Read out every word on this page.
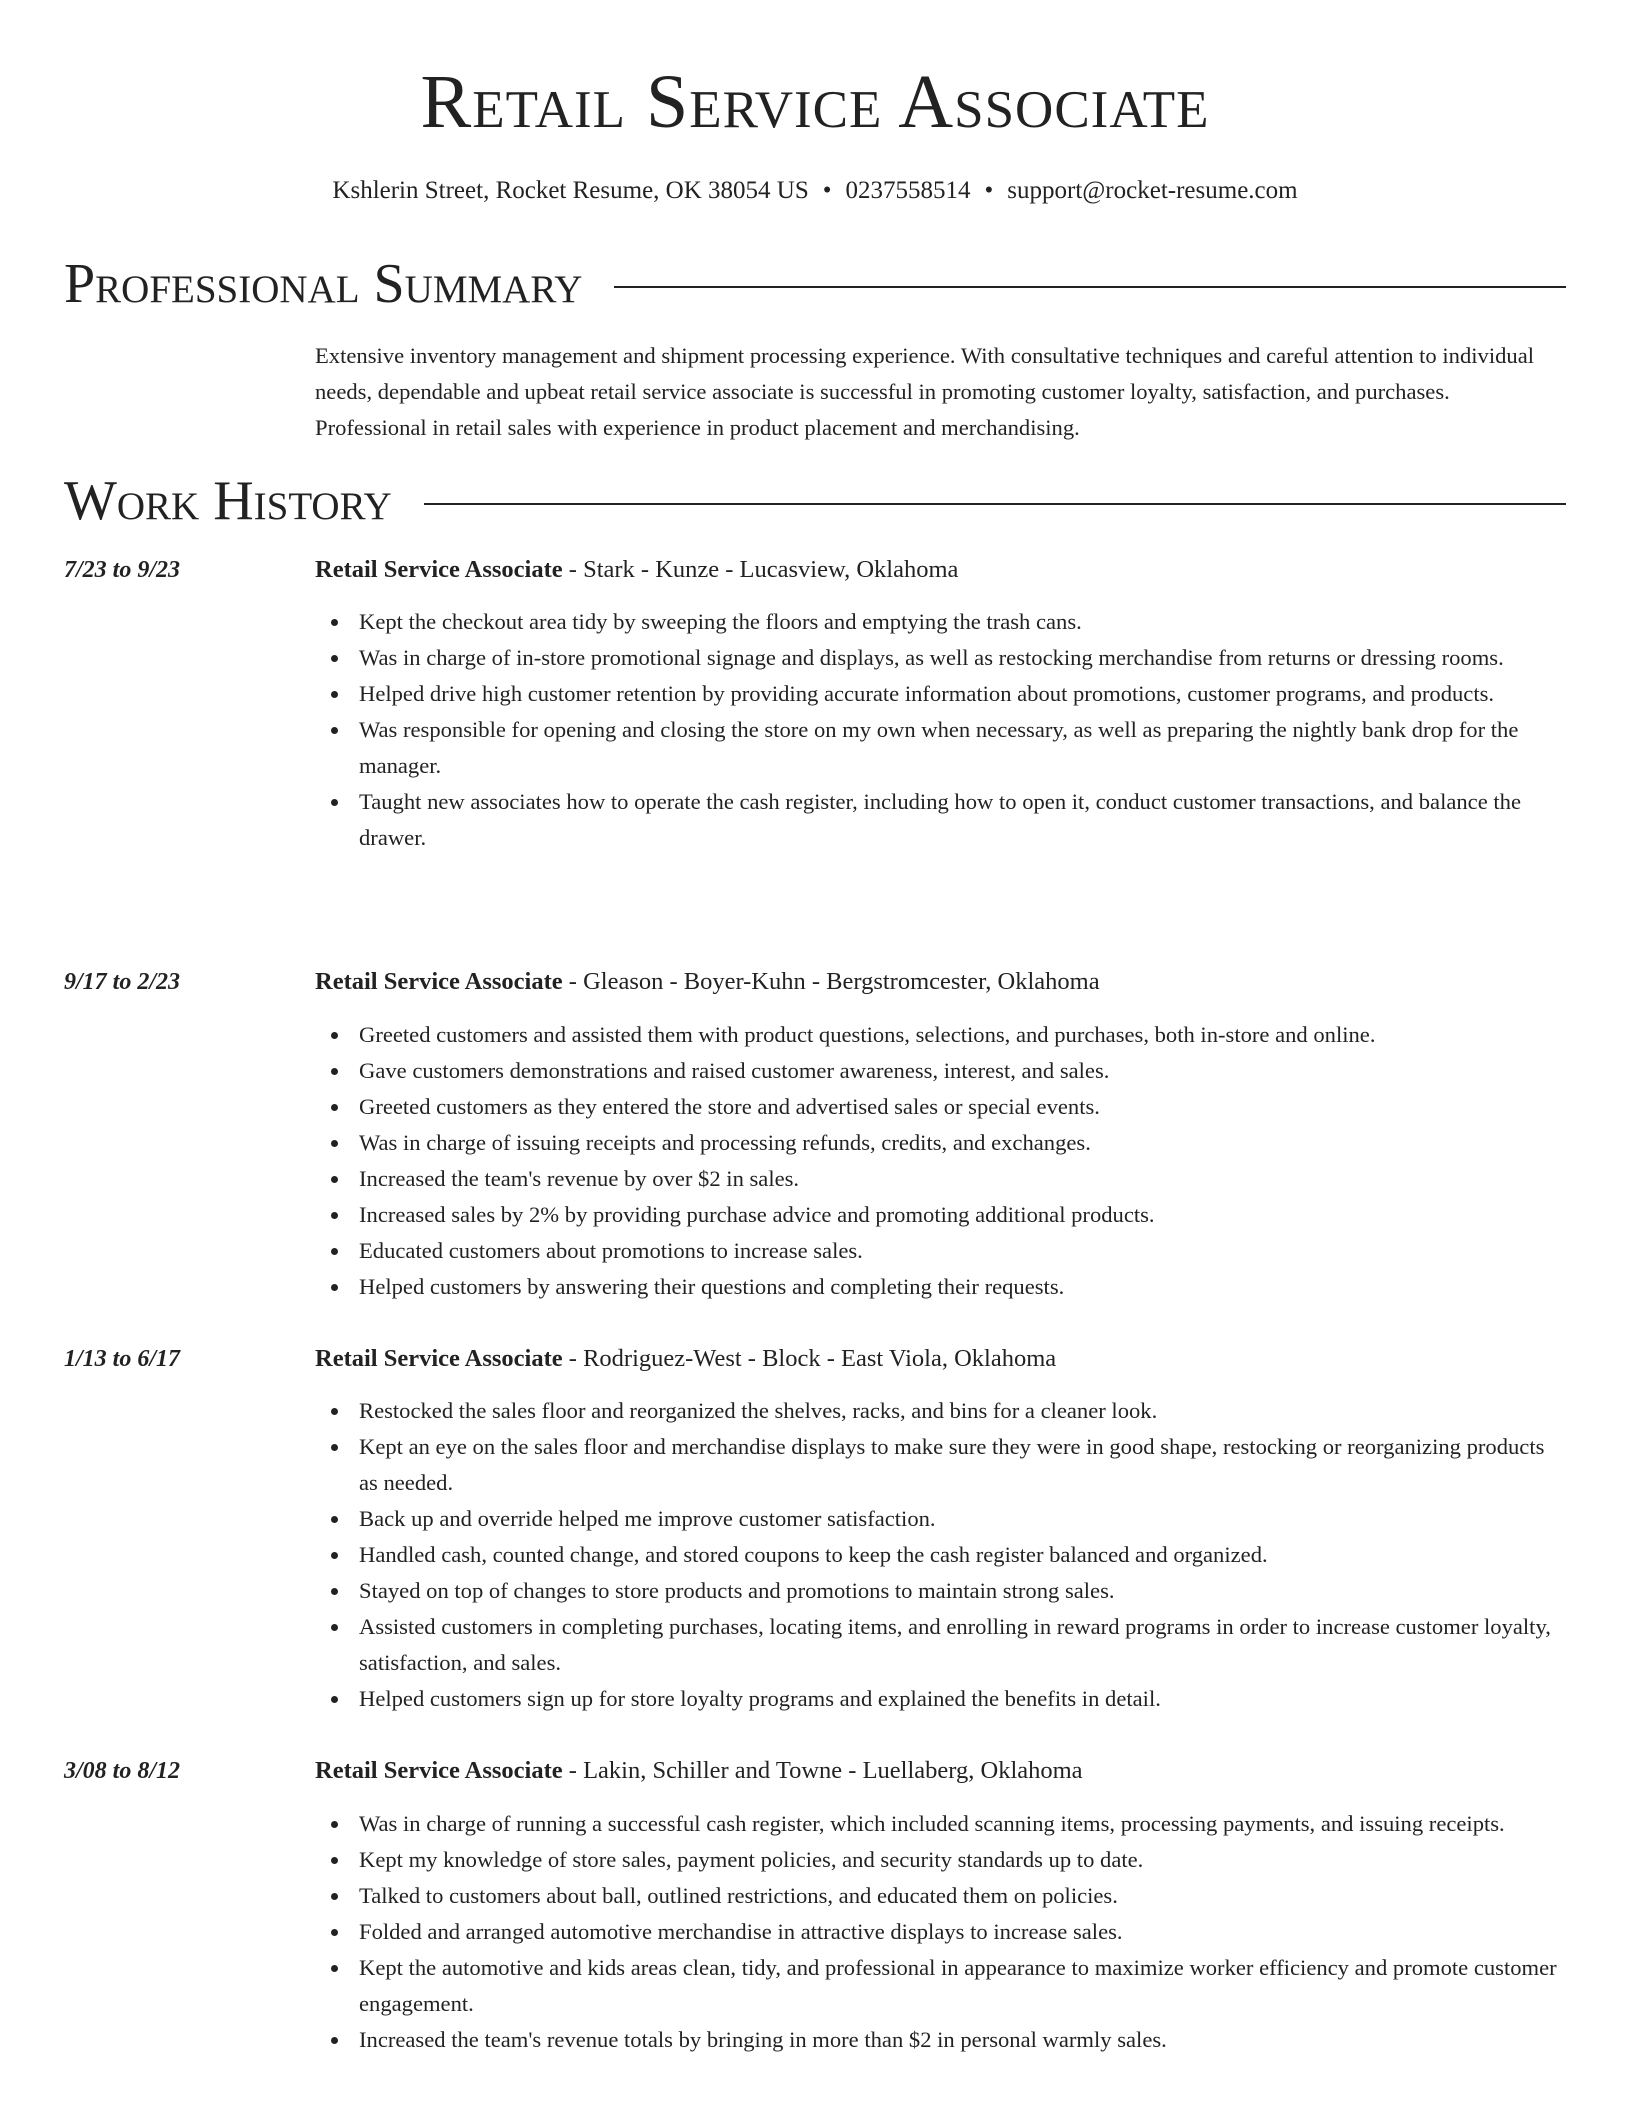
Retail Service Associate
Kshlerin Street, Rocket Resume, OK 38054 US • 0237558514 • support@rocket-resume.com
Professional Summary

Extensive inventory management and shipment processing experience. With consultative techniques and careful attention to individual needs, dependable and upbeat retail service associate is successful in promoting customer loyalty, satisfaction, and purchases. Professional in retail sales with experience in product placement and merchandising.

Work History
7/23 to 9/23	Retail Service Associate - Stark - Kunze - Lucasview, Oklahoma
Kept the checkout area tidy by sweeping the floors and emptying the trash cans.
Was in charge of in-store promotional signage and displays, as well as restocking merchandise from returns or dressing rooms.
Helped drive high customer retention by providing accurate information about promotions, customer programs, and products.
Was responsible for opening and closing the store on my own when necessary, as well as preparing the nightly bank drop for the manager.
Taught new associates how to operate the cash register, including how to open it, conduct customer transactions, and balance the drawer.
9/17 to 2/23	Retail Service Associate - Gleason - Boyer-Kuhn - Bergstromcester, Oklahoma
Greeted customers and assisted them with product questions, selections, and purchases, both in-store and online.
Gave customers demonstrations and raised customer awareness, interest, and sales.
Greeted customers as they entered the store and advertised sales or special events.
Was in charge of issuing receipts and processing refunds, credits, and exchanges.
Increased the team's revenue by over $2 in sales.
Increased sales by 2% by providing purchase advice and promoting additional products.
Educated customers about promotions to increase sales.
Helped customers by answering their questions and completing their requests.
1/13 to 6/17	Retail Service Associate - Rodriguez-West - Block - East Viola, Oklahoma
Restocked the sales floor and reorganized the shelves, racks, and bins for a cleaner look.
Kept an eye on the sales floor and merchandise displays to make sure they were in good shape, restocking or reorganizing products as needed.
Back up and override helped me improve customer satisfaction.
Handled cash, counted change, and stored coupons to keep the cash register balanced and organized.
Stayed on top of changes to store products and promotions to maintain strong sales.
Assisted customers in completing purchases, locating items, and enrolling in reward programs in order to increase customer loyalty, satisfaction, and sales.
Helped customers sign up for store loyalty programs and explained the benefits in detail.
3/08 to 8/12	Retail Service Associate - Lakin, Schiller and Towne - Luellaberg, Oklahoma
Was in charge of running a successful cash register, which included scanning items, processing payments, and issuing receipts.
Kept my knowledge of store sales, payment policies, and security standards up to date.
Talked to customers about ball, outlined restrictions, and educated them on policies.
Folded and arranged automotive merchandise in attractive displays to increase sales.
Kept the automotive and kids areas clean, tidy, and professional in appearance to maximize worker efficiency and promote customer engagement.
Increased the team's revenue totals by bringing in more than $2 in personal warmly sales.
